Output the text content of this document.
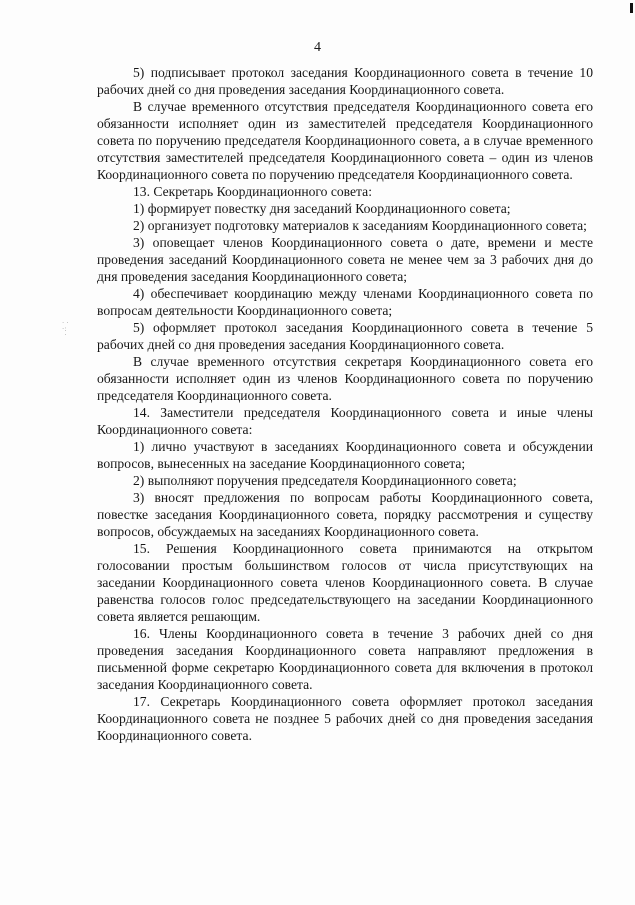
· ·
·:
·
4

5) подписывает протокол заседания Координационного совета в течение 10 рабочих дней со дня проведения заседания Координационного совета.

В случае временного отсутствия председателя Координационного совета его обязанности исполняет один из заместителей председателя Координационного совета по поручению председателя Координационного совета, а в случае временного отсутствия заместителей председателя Координационного совета – один из членов Координационного совета по поручению председателя Координационного совета.

13. Секретарь Координационного совета:

1) формирует повестку дня заседаний Координационного совета;

2) организует подготовку материалов к заседаниям Координационного совета;

3) оповещает членов Координационного совета о дате, времени и месте проведения заседаний Координационного совета не менее чем за 3 рабочих дня до дня проведения заседания Координационного совета;

4) обеспечивает координацию между членами Координационного совета по вопросам деятельности Координационного совета;

5) оформляет протокол заседания Координационного совета в течение 5 рабочих дней со дня проведения заседания Координационного совета.

В случае временного отсутствия секретаря Координационного совета его обязанности исполняет один из членов Координационного совета по поручению председателя Координационного совета.

14. Заместители председателя Координационного совета и иные члены Координационного совета:

1) лично участвуют в заседаниях Координационного совета и обсуждении вопросов, вынесенных на заседание Координационного совета;

2) выполняют поручения председателя Координационного совета;

3) вносят предложения по вопросам работы Координационного совета, повестке заседания Координационного совета, порядку рассмотрения и существу вопросов, обсуждаемых на заседаниях Координационного совета.

15. Решения Координационного совета принимаются на открытом голосовании простым большинством голосов от числа присутствующих на заседании Координационного совета членов Координационного совета. В случае равенства голосов голос председательствующего на заседании Координационного совета является решающим.

16. Члены Координационного совета в течение 3 рабочих дней со дня проведения заседания Координационного совета направляют предложения в письменной форме секретарю Координационного совета для включения в протокол заседания Координационного совета.

17. Секретарь Координационного совета оформляет протокол заседания Координационного совета не позднее 5 рабочих дней со дня проведения заседания Координационного совета.
